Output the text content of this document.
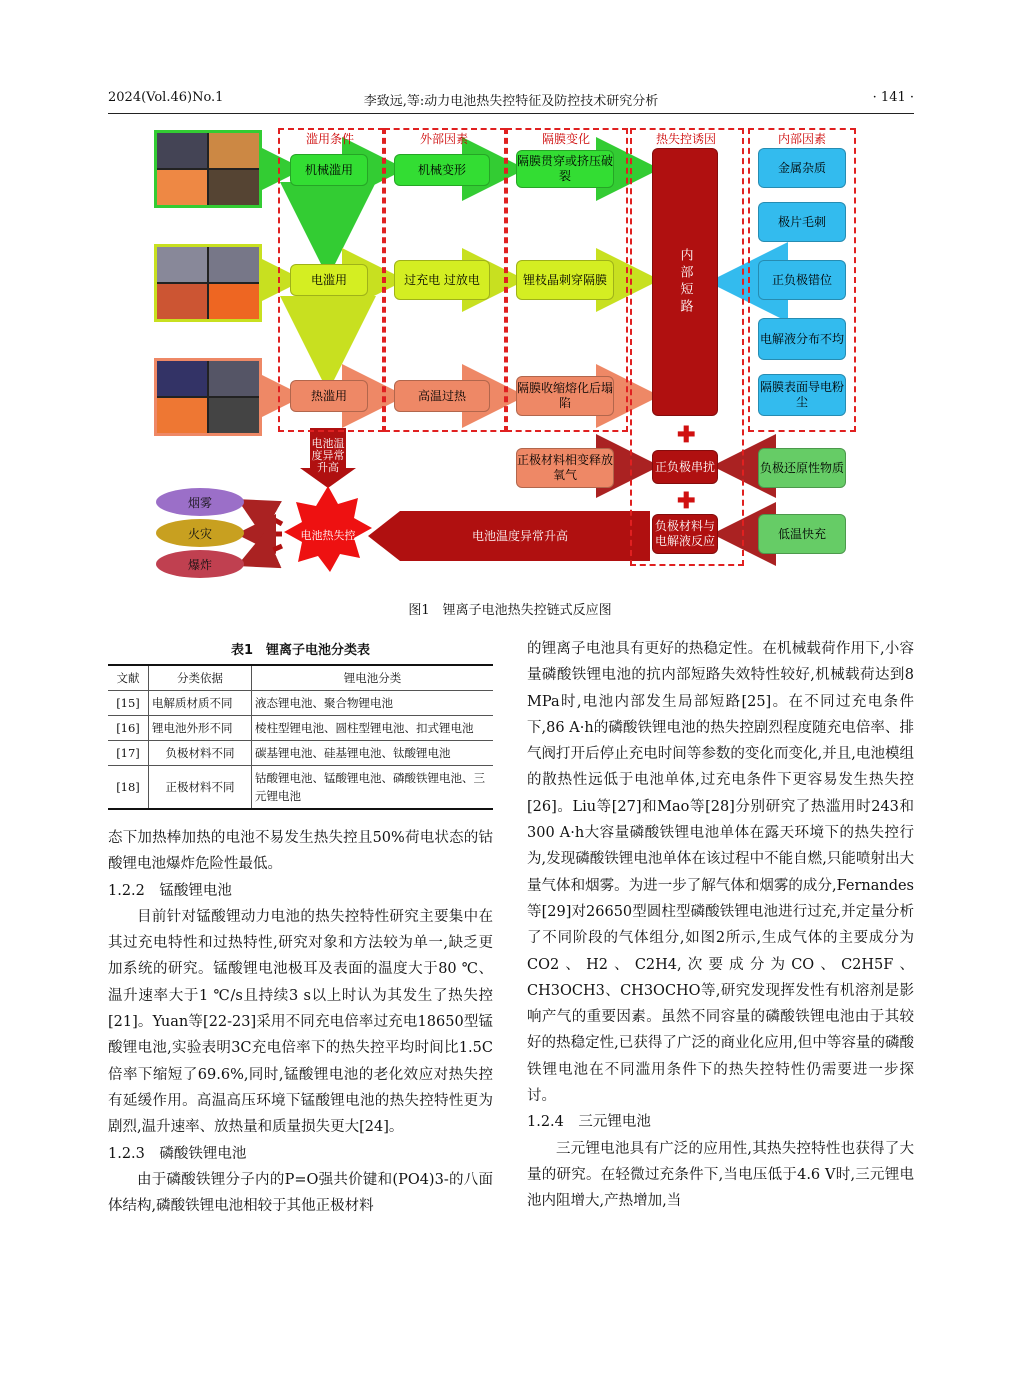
2024(Vol.46)No.1	李致远,等:动力电池热失控特征及防控技术研究分析	· 141 ·
滥用条件	外部因素	隔膜变化	热失控诱因	内部因素
机械滥用	机械变形
隔膜贯穿或挤压破裂
电滥用	过充电 过放电	锂枝晶刺穿隔膜
热滥用	高温过热
隔膜收缩熔化后塌陷
内部短路
金属杂质
极片毛刺
正负极错位
电解液分布不均
隔膜表面导电粉尘
电池温度异常升高
✚
✚
正极材料相变释放氧气
正负极串扰	负极还原性物质
负极材料与电解液反应
低温快充
电池温度异常升高
电池热失控
烟雾
火灾
爆炸
图1　锂离子电池热失控链式反应图
表1　锂离子电池分类表
文献	分类依据	锂电池分类
[15]	电解质材质不同	液态锂电池、聚合物锂电池
[16]	锂电池外形不同	棱柱型锂电池、圆柱型锂电池、扣式锂电池
[17]	负极材料不同	碳基锂电池、硅基锂电池、钛酸锂电池
[18]	正极材料不同	钴酸锂电池、锰酸锂电池、磷酸铁锂电池、三元锂电池

态下加热棒加热的电池不易发生热失控且50%荷电状态的钴酸锂电池爆炸危险性最低。

1.2.2　锰酸锂电池

目前针对锰酸锂动力电池的热失控特性研究主要集中在其过充电特性和过热特性,研究对象和方法较为单一,缺乏更加系统的研究。锰酸锂电池极耳及表面的温度大于80 ℃、温升速率大于1 ℃/s且持续3 s以上时认为其发生了热失控[21]。Yuan等[22-23]采用不同充电倍率过充电18650型锰酸锂电池,实验表明3C充电倍率下的热失控平均时间比1.5C倍率下缩短了69.6%,同时,锰酸锂电池的老化效应对热失控有延缓作用。高温高压环境下锰酸锂电池的热失控特性更为剧烈,温升速率、放热量和质量损失更大[24]。

1.2.3　磷酸铁锂电池

由于磷酸铁锂分子内的P=O强共价键和(PO4)3-的八面体结构,磷酸铁锂电池相较于其他正极材料

的锂离子电池具有更好的热稳定性。在机械载荷作用下,小容量磷酸铁锂电池的抗内部短路失效特性较好,机械载荷达到8 MPa时,电池内部发生局部短路[25]。在不同过充电条件下,86 A·h的磷酸铁锂电池的热失控剧烈程度随充电倍率、排气阀打开后停止充电时间等参数的变化而变化,并且,电池模组的散热性远低于电池单体,过充电条件下更容易发生热失控[26]。Liu等[27]和Mao等[28]分别研究了热滥用时243和300 A·h大容量磷酸铁锂电池单体在露天环境下的热失控行为,发现磷酸铁锂电池单体在该过程中不能自燃,只能喷射出大量气体和烟雾。为进一步了解气体和烟雾的成分,Fernandes等[29]对26650型圆柱型磷酸铁锂电池进行过充,并定量分析了不同阶段的气体组分,如图2所示,生成气体的主要成分为CO2、H2、C2H4,次要成分为CO、C2H5F、CH3OCH3、CH3OCHO等,研究发现挥发性有机溶剂是影响产气的重要因素。虽然不同容量的磷酸铁锂电池由于其较好的热稳定性,已获得了广泛的商业化应用,但中等容量的磷酸铁锂电池在不同滥用条件下的热失控特性仍需要进一步探讨。

1.2.4　三元锂电池

三元锂电池具有广泛的应用性,其热失控特性也获得了大量的研究。在轻微过充条件下,当电压低于4.6 V时,三元锂电池内阻增大,产热增加,当
